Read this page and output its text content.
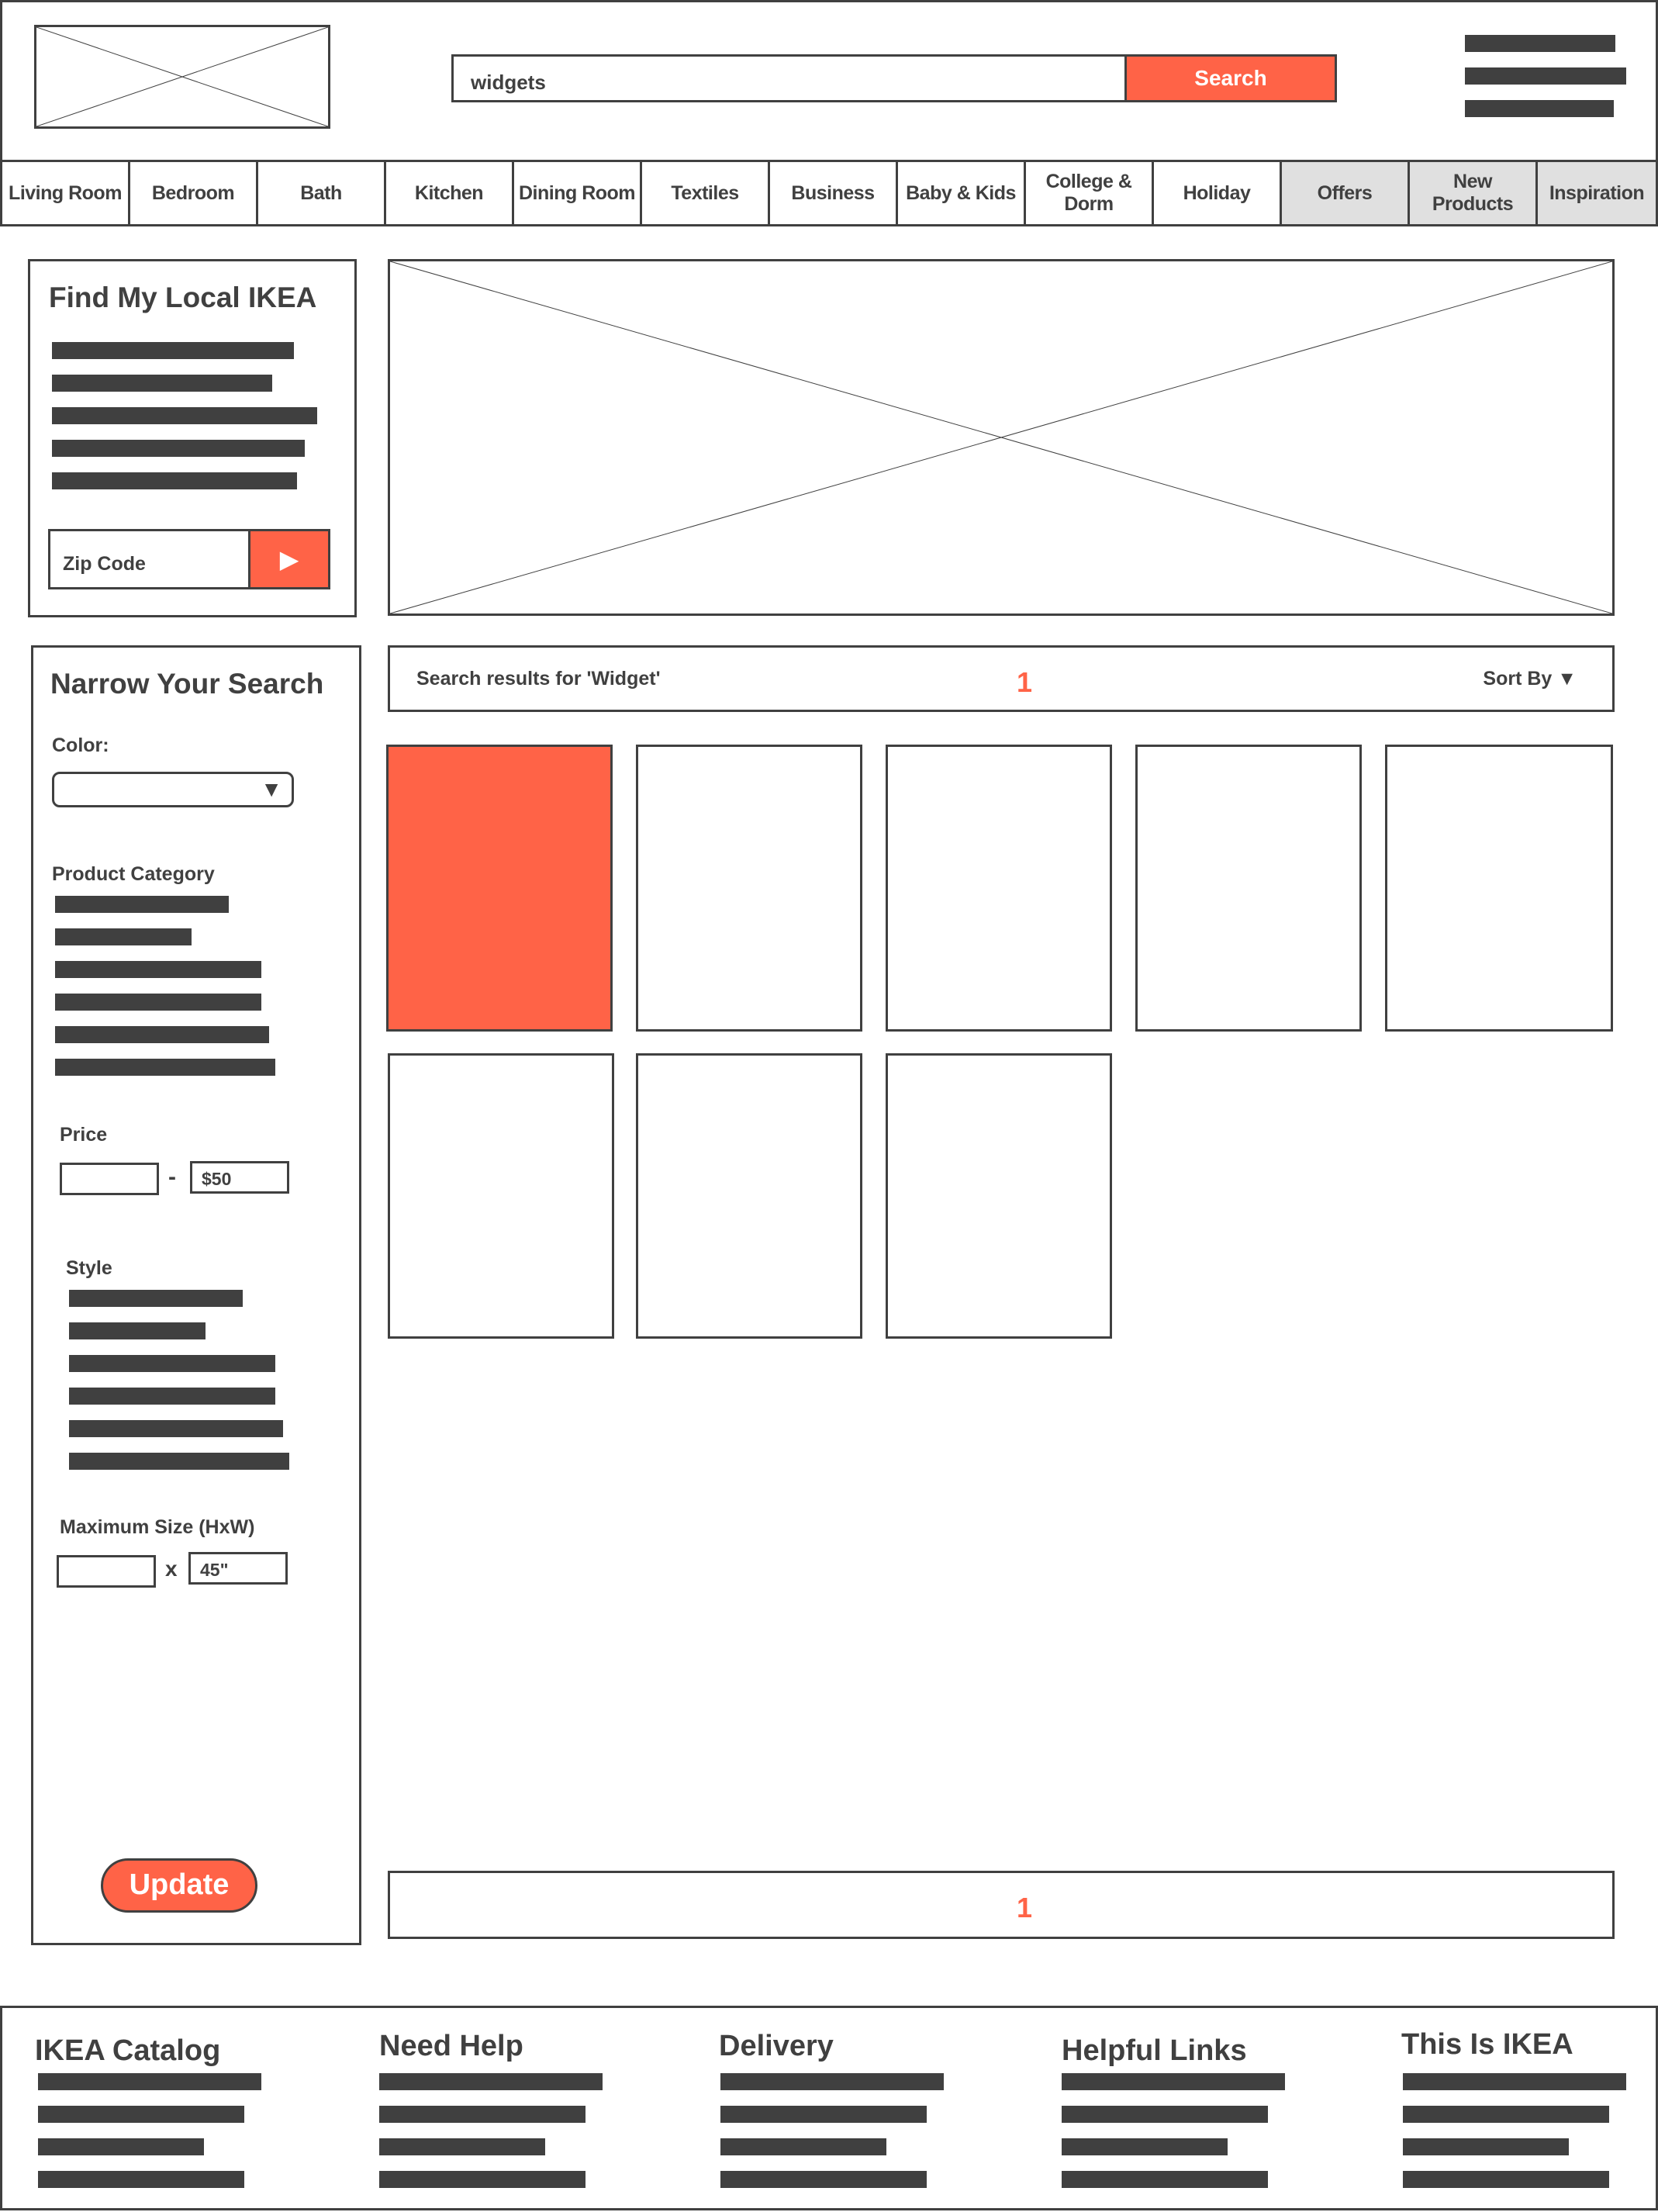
widgets	Search
Living Room	Bedroom	Bath	Kitchen	Dining Room	Textiles	Business	Baby & Kids
College &
Dorm
Holiday	Offers
New
Products
Inspiration
Find My Local IKEA
Zip Code	▶
Narrow Your Search
Color:
▼
Product Category
Price
-	$50
Style
Maximum Size (HxW)
x	45"
Update
Search results for 'Widget'	1	Sort By ▼
1
IKEA Catalog	Need Help	Delivery	Helpful Links	This Is IKEA
